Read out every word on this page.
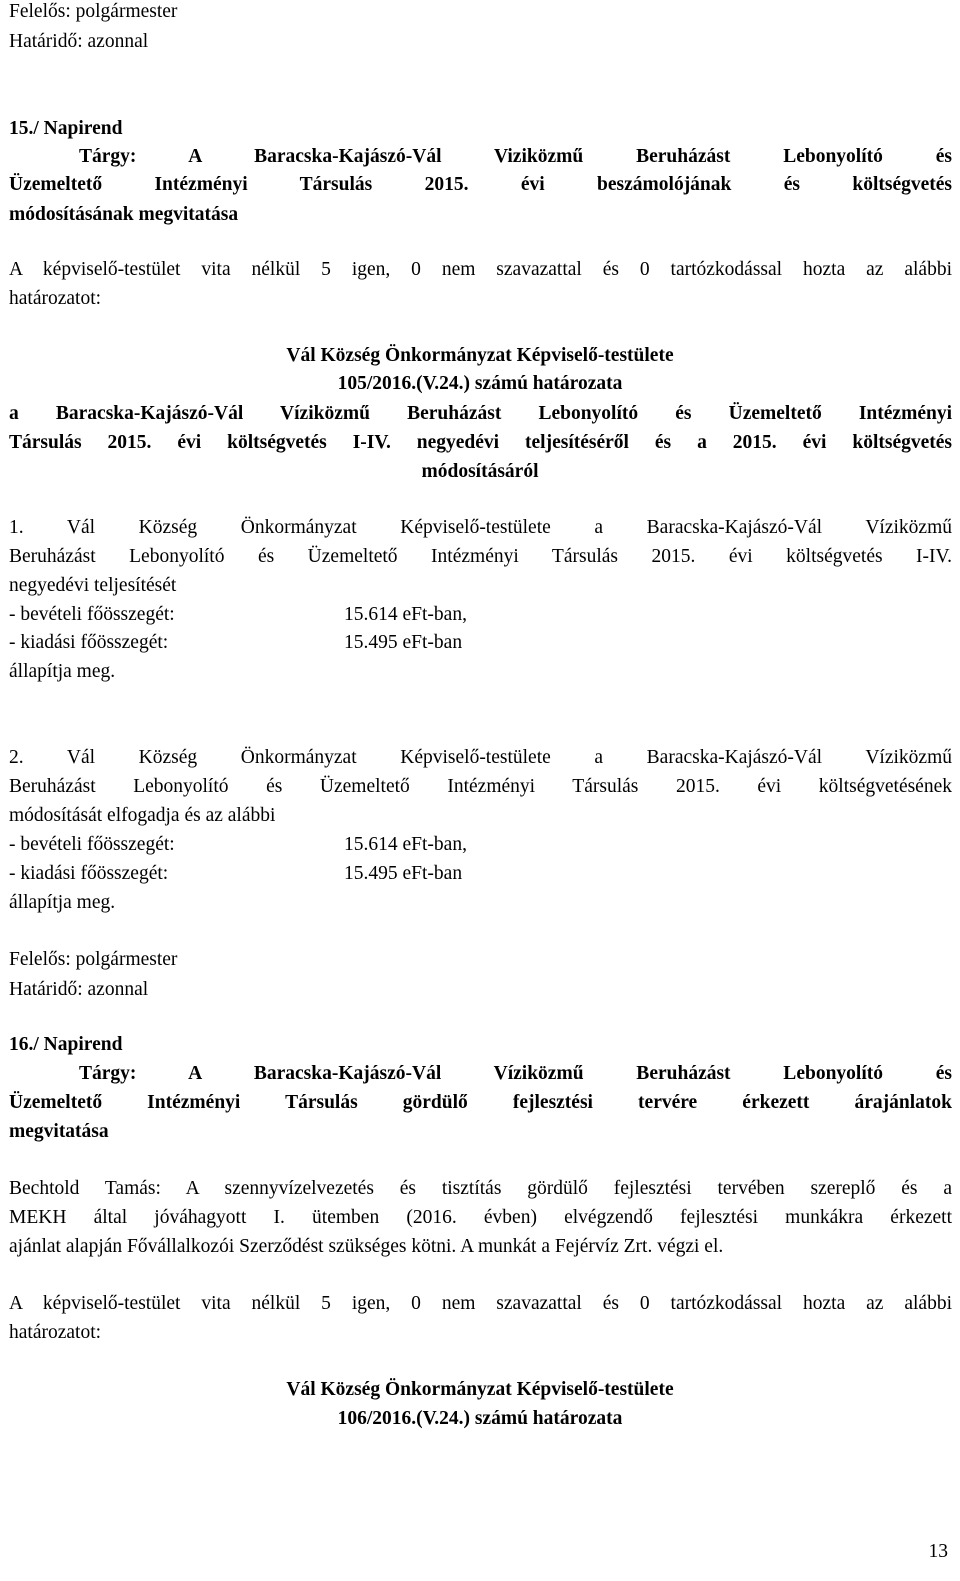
Felelős: polgármester
Határidő: azonnal
15./ Napirend
Tárgy: A Baracska-Kajászó-Vál Viziközmű Beruházást Lebonyolító és
Üzemeltető Intézményi Társulás 2015. évi beszámolójának és költségvetés
módosításának megvitatása
A képviselő-testület vita nélkül 5 igen, 0 nem szavazattal és 0 tartózkodással hozta az alábbi
határozatot:
Vál Község Önkormányzat Képviselő-testülete
105/2016.(V.24.) számú határozata
a Baracska-Kajászó-Vál Víziközmű Beruházást Lebonyolító és Üzemeltető Intézményi
Társulás 2015. évi költségvetés I-IV. negyedévi teljesítéséről és a 2015. évi költségvetés
módosításáról
1. Vál Község Önkormányzat Képviselő-testülete a Baracska-Kajászó-Vál Víziközmű
Beruházást Lebonyolító és Üzemeltető Intézményi Társulás 2015. évi költségvetés I-IV.
negyedévi teljesítését
- bevételi főösszegét:	15.614 eFt-ban,
- kiadási főösszegét:	15.495 eFt-ban
állapítja meg.
2. Vál Község Önkormányzat Képviselő-testülete a Baracska-Kajászó-Vál Víziközmű
Beruházást Lebonyolító és Üzemeltető Intézményi Társulás 2015. évi költségvetésének
módosítását elfogadja és az alábbi
- bevételi főösszegét:	15.614 eFt-ban,
- kiadási főösszegét:	15.495 eFt-ban
állapítja meg.
Felelős: polgármester
Határidő: azonnal
16./ Napirend
Tárgy: A Baracska-Kajászó-Vál Víziközmű Beruházást Lebonyolító és
Üzemeltető Intézményi Társulás gördülő fejlesztési tervére érkezett árajánlatok
megvitatása
Bechtold Tamás: A szennyvízelvezetés és tisztítás gördülő fejlesztési tervében szereplő és a
MEKH által jóváhagyott I. ütemben (2016. évben) elvégzendő fejlesztési munkákra érkezett
ajánlat alapján Fővállalkozói Szerződést szükséges kötni. A munkát a Fejérvíz Zrt. végzi el.
A képviselő-testület vita nélkül 5 igen, 0 nem szavazattal és 0 tartózkodással hozta az alábbi
határozatot:
Vál Község Önkormányzat Képviselő-testülete
106/2016.(V.24.) számú határozata
13
